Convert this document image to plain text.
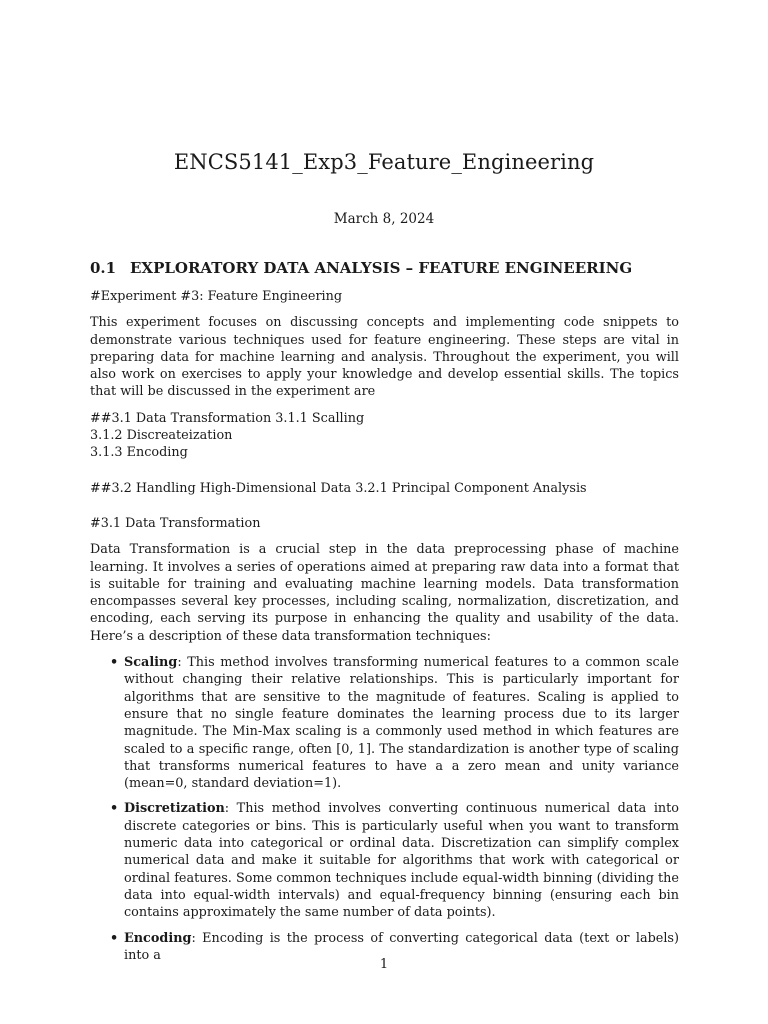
ENCS5141_Exp3_Feature_Engineering
March 8, 2024
0.1 EXPLORATORY DATA ANALYSIS – FEATURE ENGINEERING

#Experiment #3: Feature Engineering

This experiment focuses on discussing concepts and implementing code snippets to demonstrate various techniques used for feature engineering. These steps are vital in preparing data for machine learning and analysis. Throughout the experiment, you will also work on exercises to apply your knowledge and develop essential skills. The topics that will be discussed in the experiment are

##3.1 Data Transformation 3.1.1 Scalling

3.1.2 Discreateization

3.1.3 Encoding

##3.2 Handling High-Dimensional Data 3.2.1 Principal Component Analysis

#3.1 Data Transformation

Data Transformation is a crucial step in the data preprocessing phase of machine learning. It involves a series of operations aimed at preparing raw data into a format that is suitable for training and evaluating machine learning models. Data transformation encompasses several key processes, including scaling, normalization, discretization, and encoding, each serving its purpose in enhancing the quality and usability of the data. Here’s a description of these data transformation techniques:

• Scaling: This method involves transforming numerical features to a common scale without changing their relative relationships. This is particularly important for algorithms that are sensitive to the magnitude of features. Scaling is applied to ensure that no single feature dominates the learning process due to its larger magnitude. The Min-Max scaling is a commonly used method in which features are scaled to a specific range, often [0, 1]. The standardization is another type of scaling that transforms numerical features to have a a zero mean and unity variance (mean=0, standard deviation=1).
• Discretization: This method involves converting continuous numerical data into discrete categories or bins. This is particularly useful when you want to transform numeric data into categorical or ordinal data. Discretization can simplify complex numerical data and make it suitable for algorithms that work with categorical or ordinal features. Some common techniques include equal-width binning (dividing the data into equal-width intervals) and equal-frequency binning (ensuring each bin contains approximately the same number of data points).
• Encoding: Encoding is the process of converting categorical data (text or labels) into a
1
